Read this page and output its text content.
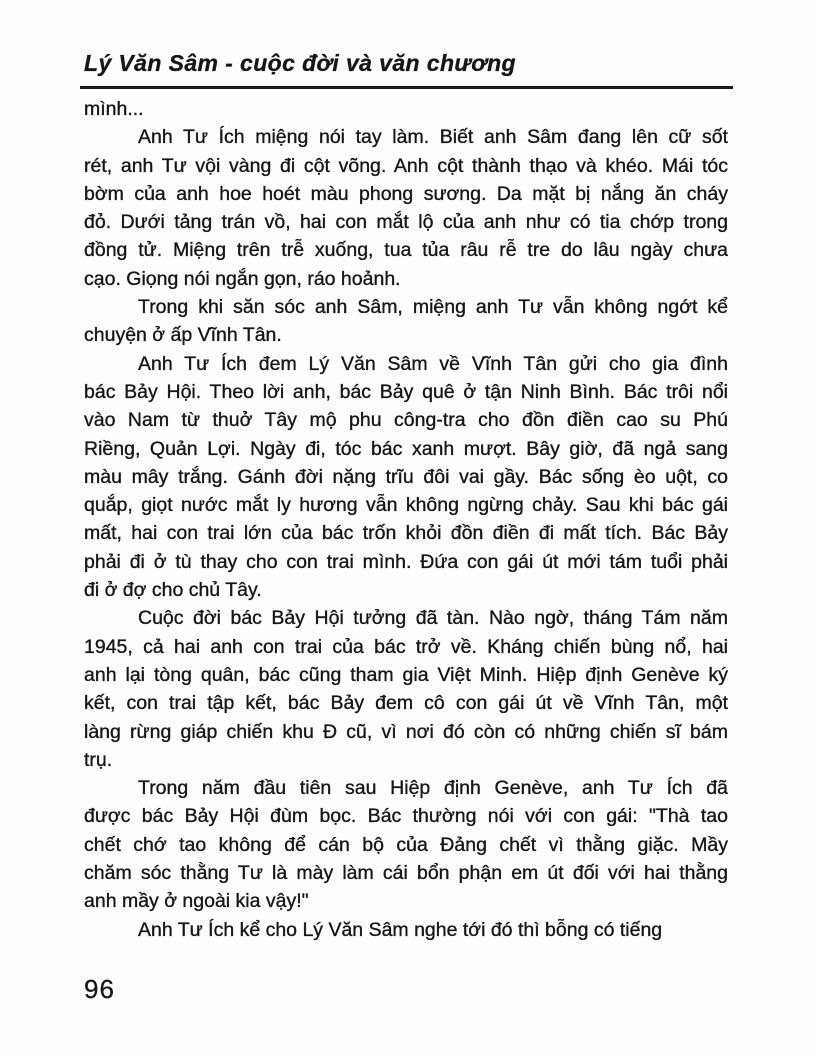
Lý Văn Sâm - cuộc đời và văn chương
mình...
Anh Tư Ích miệng nói tay làm. Biết anh Sâm đang lên cữ sốt
rét, anh Tư vội vàng đi cột võng. Anh cột thành thạo và khéo. Mái tóc
bờm của anh hoe hoét màu phong sương. Da mặt bị nắng ăn cháy
đỏ. Dưới tảng trán vồ, hai con mắt lộ của anh như có tia chớp trong
đồng tử. Miệng trên trễ xuống, tua tủa râu rễ tre do lâu ngày chưa
cạo. Giọng nói ngắn gọn, ráo hoảnh.
Trong khi săn sóc anh Sâm, miệng anh Tư vẫn không ngớt kể
chuyện ở ấp Vĩnh Tân.
Anh Tư Ích đem Lý Văn Sâm về Vĩnh Tân gửi cho gia đình
bác Bảy Hội. Theo lời anh, bác Bảy quê ở tận Ninh Bình. Bác trôi nổi
vào Nam từ thuở Tây mộ phu công-tra cho đồn điền cao su Phú
Riềng, Quản Lợi. Ngày đi, tóc bác xanh mượt. Bây giờ, đã ngả sang
màu mây trắng. Gánh đời nặng trĩu đôi vai gầy. Bác sống èo uột, co
quắp, giọt nước mắt ly hương vẫn không ngừng chảy. Sau khi bác gái
mất, hai con trai lớn của bác trốn khỏi đồn điền đi mất tích. Bác Bảy
phải đi ở tù thay cho con trai mình. Đứa con gái út mới tám tuổi phải
đi ở đợ cho chủ Tây.
Cuộc đời bác Bảy Hội tưởng đã tàn. Nào ngờ, tháng Tám năm
1945, cả hai anh con trai của bác trở về. Kháng chiến bùng nổ, hai
anh lại tòng quân, bác cũng tham gia Việt Minh. Hiệp định Genève ký
kết, con trai tập kết, bác Bảy đem cô con gái út về Vĩnh Tân, một
làng rừng giáp chiến khu Đ cũ, vì nơi đó còn có những chiến sĩ bám
trụ.
Trong năm đầu tiên sau Hiệp định Genève, anh Tư Ích đã
được bác Bảy Hội đùm bọc. Bác thường nói với con gái: "Thà tao
chết chớ tao không để cán bộ của Đảng chết vì thằng giặc. Mầy
chăm sóc thằng Tư là mày làm cái bổn phận em út đối với hai thằng
anh mầy ở ngoài kia vậy!"
Anh Tư Ích kể cho Lý Văn Sâm nghe tới đó thì bỗng có tiếng
96
